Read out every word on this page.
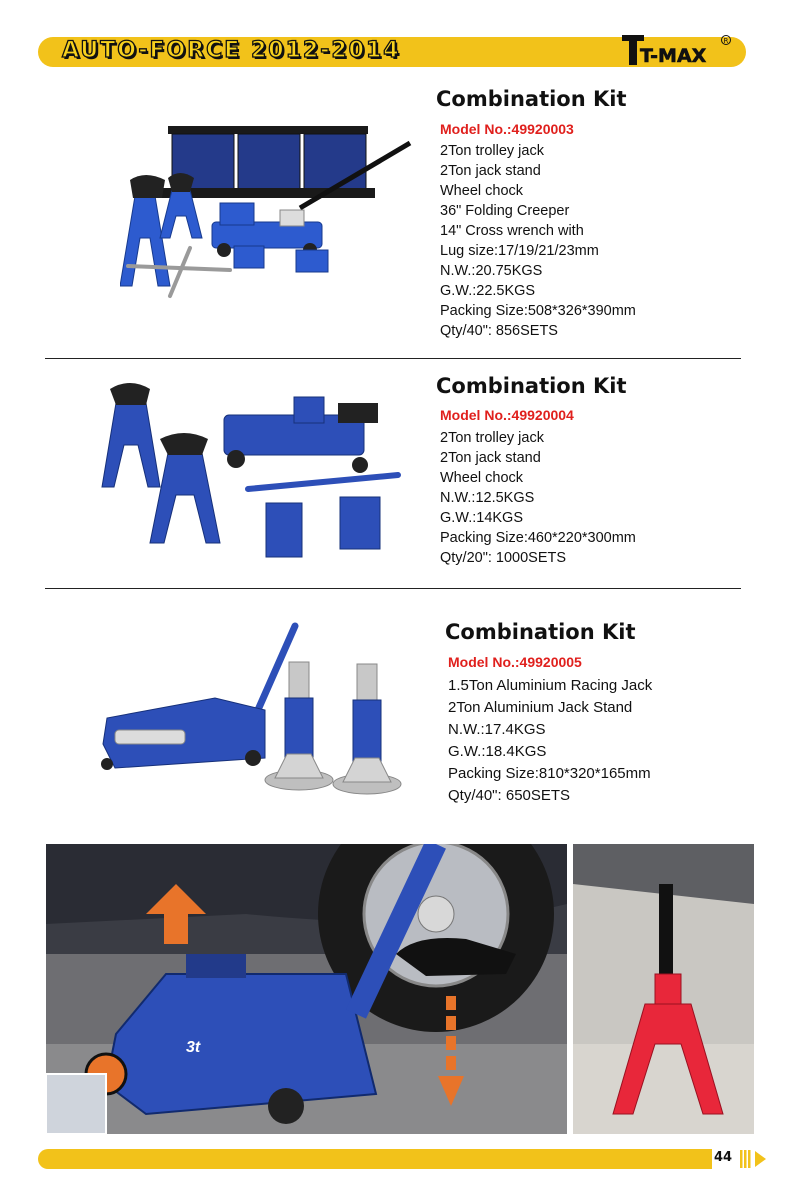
AUTO-FORCE 2012-2014	T-MAX
R
Combination Kit
Model No.:49920003
2Ton trolley jack
2Ton jack stand
Wheel chock
36" Folding Creeper
14" Cross wrench with
Lug size:17/19/21/23mm
N.W.:20.75KGS
G.W.:22.5KGS
Packing Size:508*326*390mm
Qty/40": 856SETS
Combination Kit
Model No.:49920004
2Ton trolley jack
2Ton jack stand
Wheel chock
N.W.:12.5KGS
G.W.:14KGS
Packing Size:460*220*300mm
Qty/20": 1000SETS
Combination Kit
Model No.:49920005
1.5Ton Aluminium Racing Jack
2Ton Aluminium Jack Stand
N.W.:17.4KGS
G.W.:18.4KGS
Packing Size:810*320*165mm
Qty/40": 650SETS
3t
44
